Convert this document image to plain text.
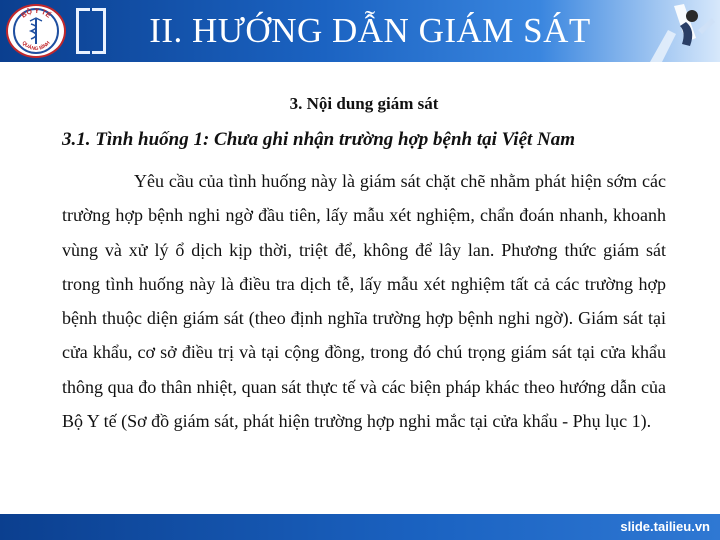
BỘ Y TẾ
QUẢNG BÌNH	II. HƯỚNG DẪN GIÁM SÁT
3. Nội dung giám sát
3.1. Tình huống 1: Chưa ghi nhận trường hợp bệnh tại Việt Nam

Yêu cầu của tình huống này là giám sát chặt chẽ nhằm phát hiện sớm các trường hợp bệnh nghi ngờ đầu tiên, lấy mẫu xét nghiệm, chẩn đoán nhanh, khoanh vùng và xử lý ổ dịch kịp thời, triệt để, không để lây lan. Phương thức giám sát trong tình huống này là điều tra dịch tễ, lấy mẫu xét nghiệm tất cả các trường hợp bệnh thuộc diện giám sát (theo định nghĩa trường hợp bệnh nghi ngờ). Giám sát tại cửa khẩu, cơ sở điều trị và tại cộng đồng, trong đó chú trọng giám sát tại cửa khẩu thông qua đo thân nhiệt, quan sát thực tế và các biện pháp khác theo hướng dẫn của Bộ Y tế (Sơ đồ giám sát, phát hiện trường hợp nghi mắc tại cửa khẩu - Phụ lục 1).

slide.tailieu.vn
